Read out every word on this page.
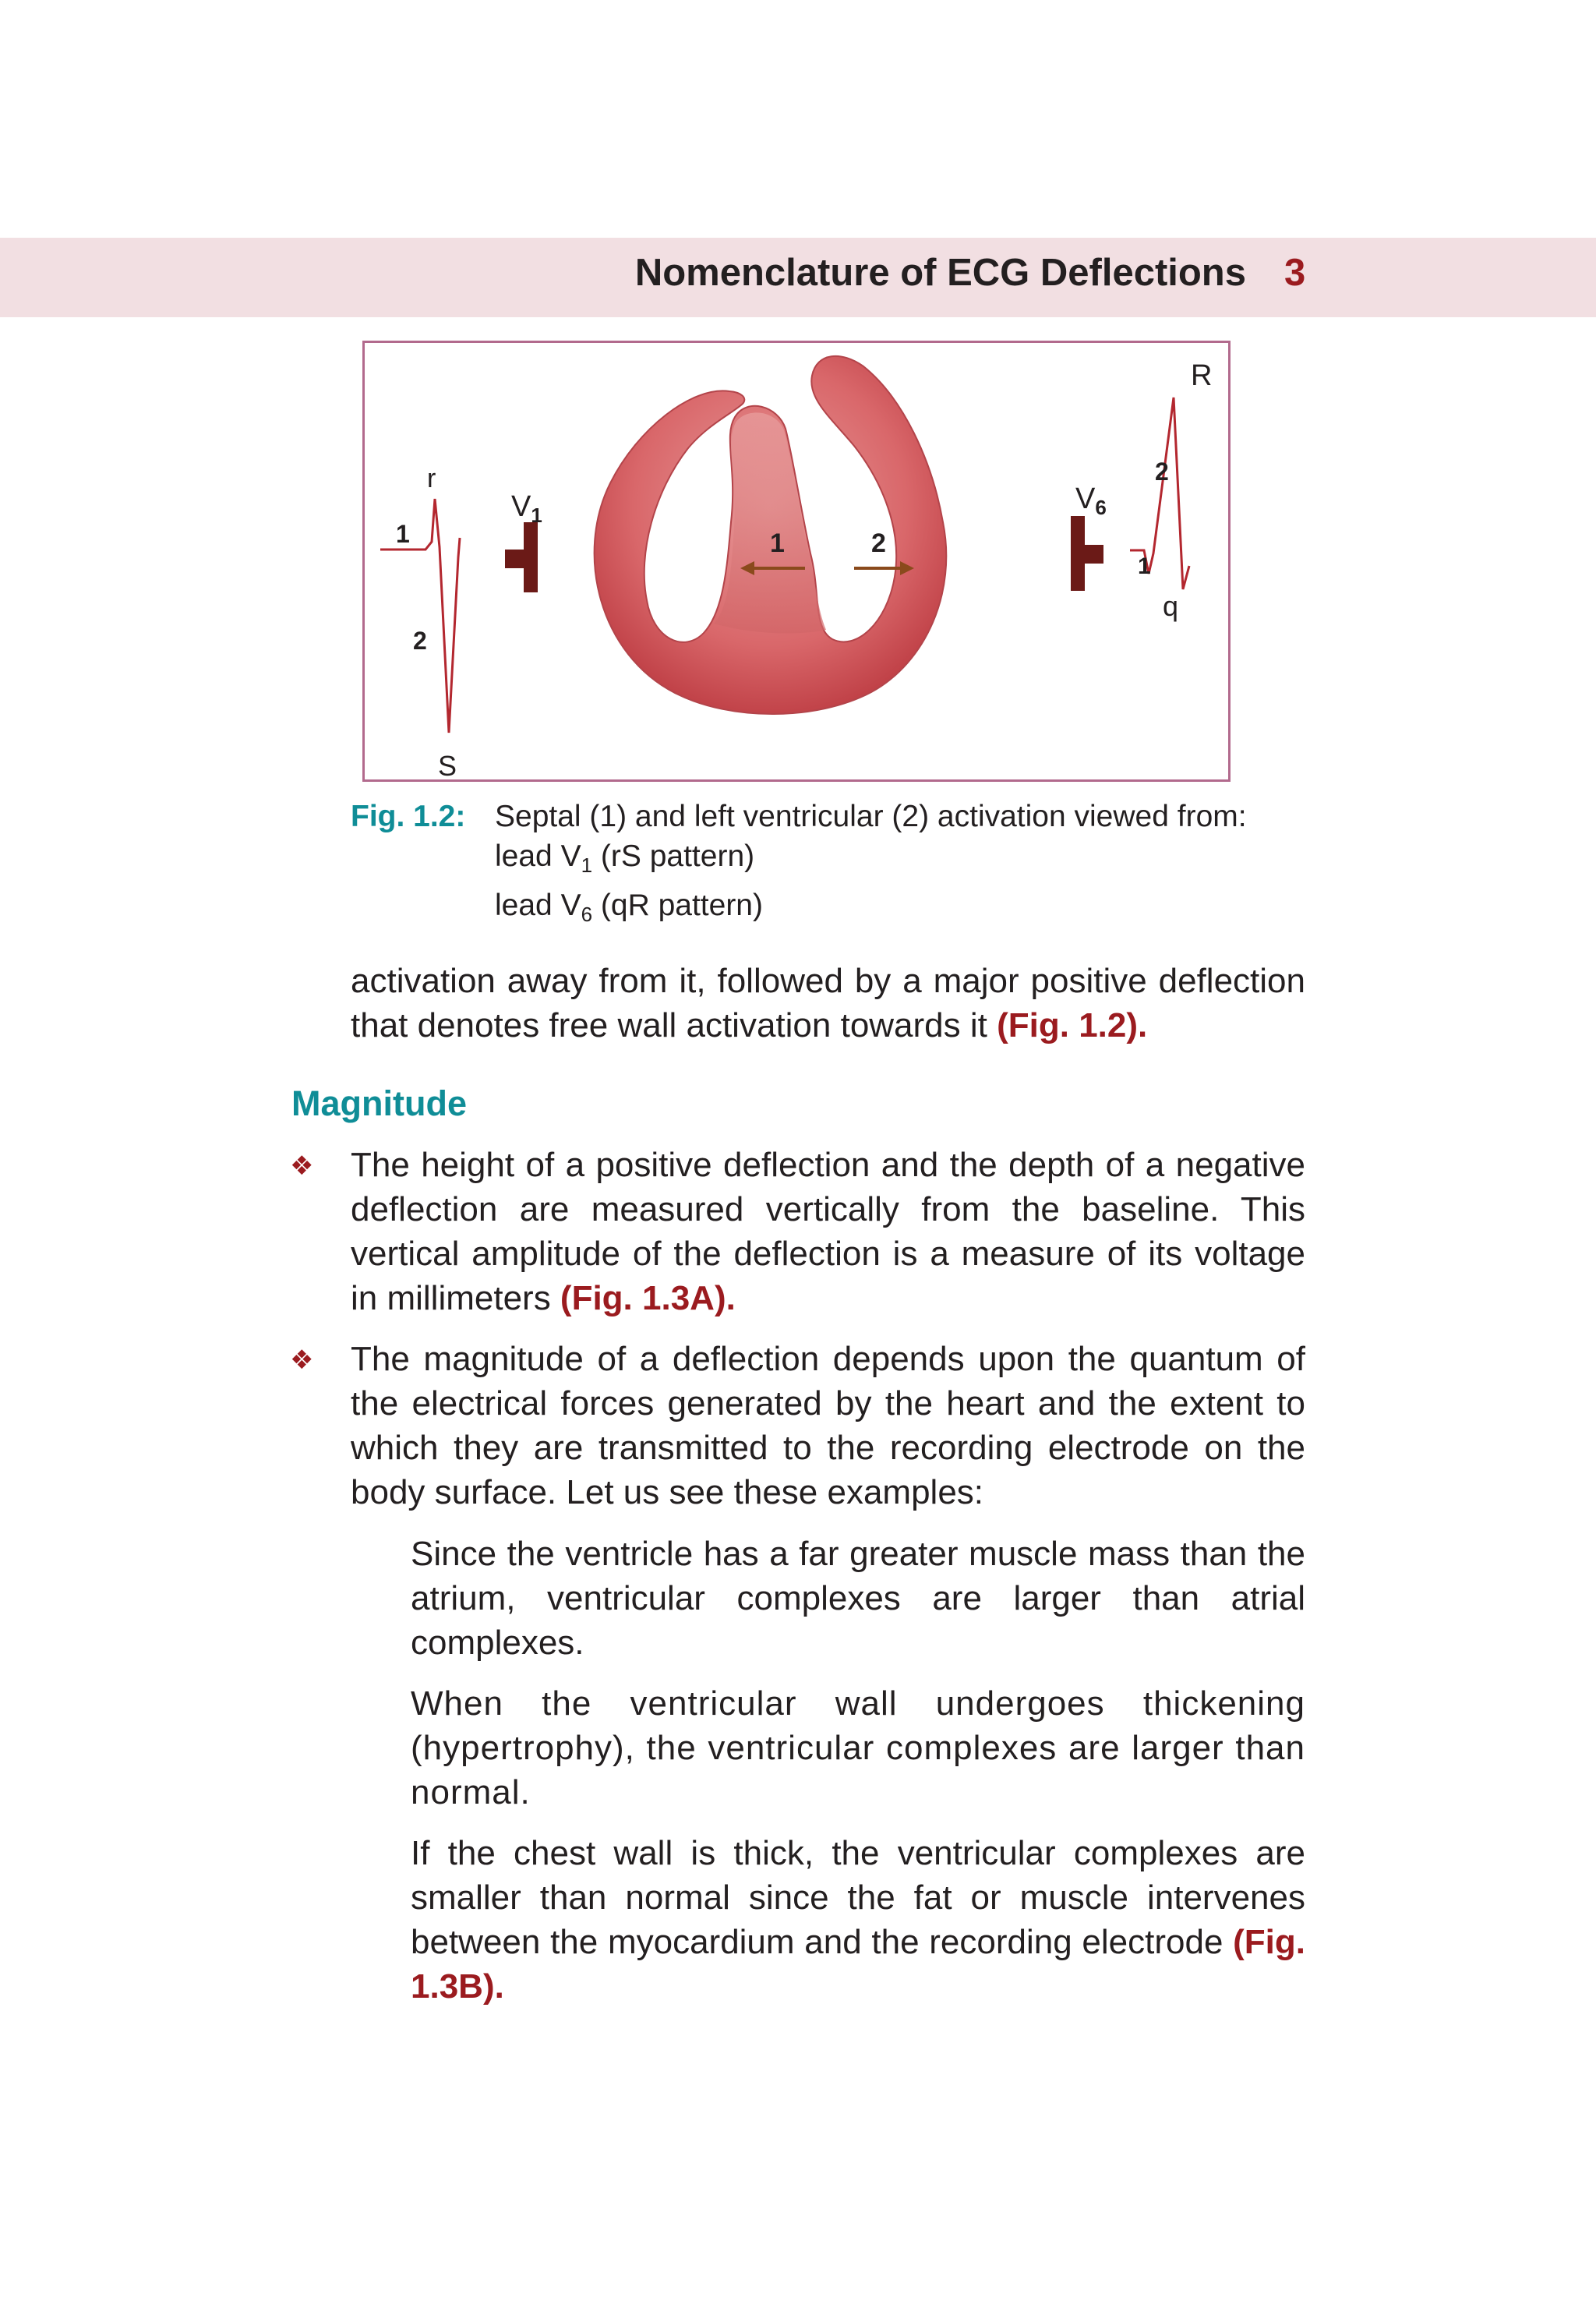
Nomenclature of ECG Deflections 3
1	2
$V_1$	$V_6$
r
1
2
S
R
2
1
q
Fig. 1.2: Septal (1) and left ventricular (2) activation viewed from:
lead $V_1$ (rS pattern)
lead $V_6$ (qR pattern)

activation away from it, followed by a major positive deflection that denotes free wall activation towards it (Fig. 1.2).

Magnitude
❖ The height of a positive deflection and the depth of a negative deflection are measured vertically from the baseline. This vertical amplitude of the deflection is a measure of its voltage in millimeters (Fig. 1.3A).

❖ The magnitude of a deflection depends upon the quantum of the electrical forces generated by the heart and the extent to which they are transmitted to the recording electrode on the body surface. Let us see these examples:

Since the ventricle has a far greater muscle mass than the atrium, ventricular complexes are larger than atrial complexes.

When the ventricular wall undergoes thickening (hypertrophy), the ventricular complexes are larger than normal.

If the chest wall is thick, the ventricular complexes are smaller than normal since the fat or muscle intervenes between the myocardium and the recording electrode (Fig. 1.3B).
